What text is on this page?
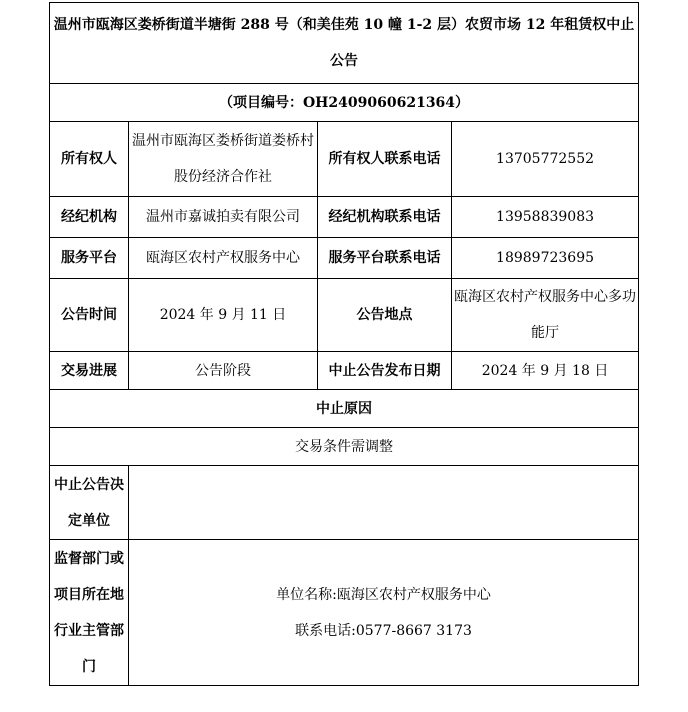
温州市瓯海区娄桥街道半塘街 288 号（和美佳苑 10 幢 1-2 层）农贸市场 12 年租赁权中止公告			
（项目编号：OH2409060621364）			
所有权人	温州市瓯海区娄桥街道娄桥村股份经济合作社	所有权人联系电话	13705772552
经纪机构	温州市嘉诚拍卖有限公司	经纪机构联系电话	13958839083
服务平台	瓯海区农村产权服务中心	服务平台联系电话	18989723695
公告时间	2024 年 9 月 11 日	公告地点	瓯海区农村产权服务中心多功能厅
交易进展	公告阶段	中止公告发布日期	2024 年 9 月 18 日
中止原因			
交易条件需调整			
中止公告决定单位			
监督部门或项目所在地行业主管部门	单位名称:瓯海区农村产权服务中心
联系电话:0577-8667 3173		
